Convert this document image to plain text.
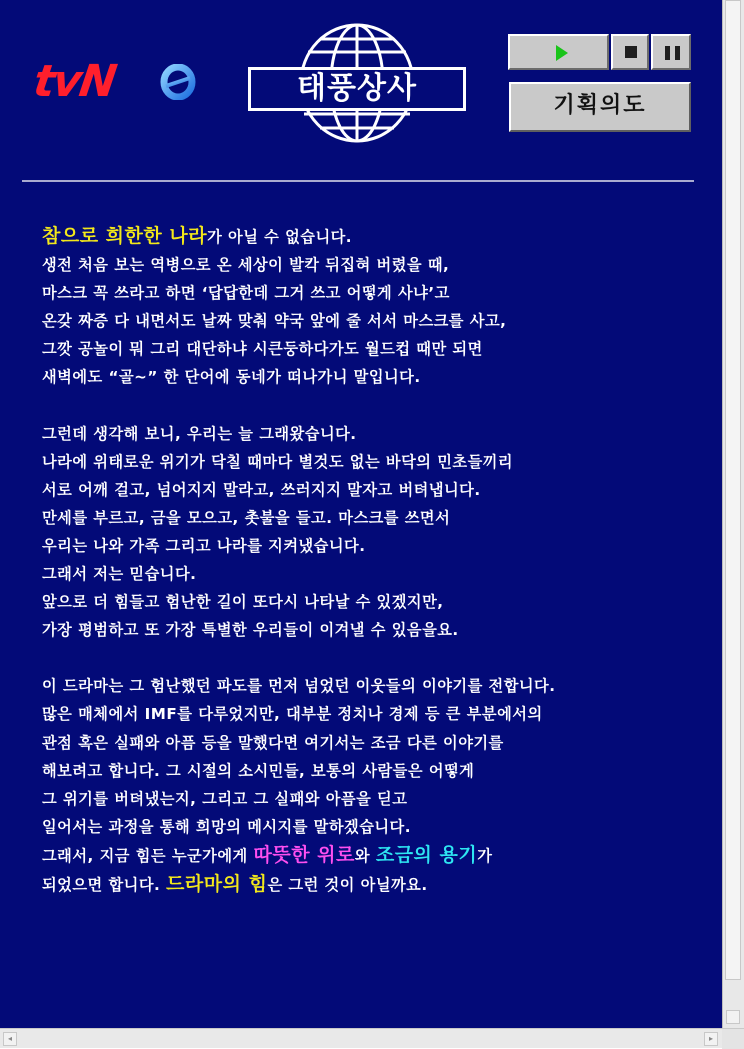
tvN	태풍상사	기획의도

참으로 희한한 나라가 아닐 수 없습니다.
생전 처음 보는 역병으로 온 세상이 발칵 뒤집혀 버렸을 때,
마스크 꼭 쓰라고 하면 ‘답답한데 그거 쓰고 어떻게 사냐’고
온갖 짜증 다 내면서도 날짜 맞춰 약국 앞에 줄 서서 마스크를 사고,
그깟 공놀이 뭐 그리 대단하냐 시큰둥하다가도 월드컵 때만 되면
새벽에도 “골~” 한 단어에 동네가 떠나가니 말입니다.

그런데 생각해 보니, 우리는 늘 그래왔습니다.
나라에 위태로운 위기가 닥칠 때마다 별것도 없는 바닥의 민초들끼리
서로 어깨 걸고, 넘어지지 말라고, 쓰러지지 말자고 버텨냅니다.
만세를 부르고, 금을 모으고, 촛불을 들고. 마스크를 쓰면서
우리는 나와 가족 그리고 나라를 지켜냈습니다.
그래서 저는 믿습니다.
앞으로 더 힘들고 험난한 길이 또다시 나타날 수 있겠지만,
가장 평범하고 또 가장 특별한 우리들이 이겨낼 수 있음을요.

이 드라마는 그 험난했던 파도를 먼저 넘었던 이웃들의 이야기를 전합니다.
많은 매체에서 IMF를 다루었지만, 대부분 정치나 경제 등 큰 부분에서의
관점 혹은 실패와 아픔 등을 말했다면 여기서는 조금 다른 이야기를
해보려고 합니다. 그 시절의 소시민들, 보통의 사람들은 어떻게
그 위기를 버텨냈는지, 그리고 그 실패와 아픔을 딛고
일어서는 과정을 통해 희망의 메시지를 말하겠습니다.
그래서, 지금 힘든 누군가에게 따뜻한 위로와 조금의 용기가
되었으면 합니다. 드라마의 힘은 그런 것이 아닐까요.

◂	▸
